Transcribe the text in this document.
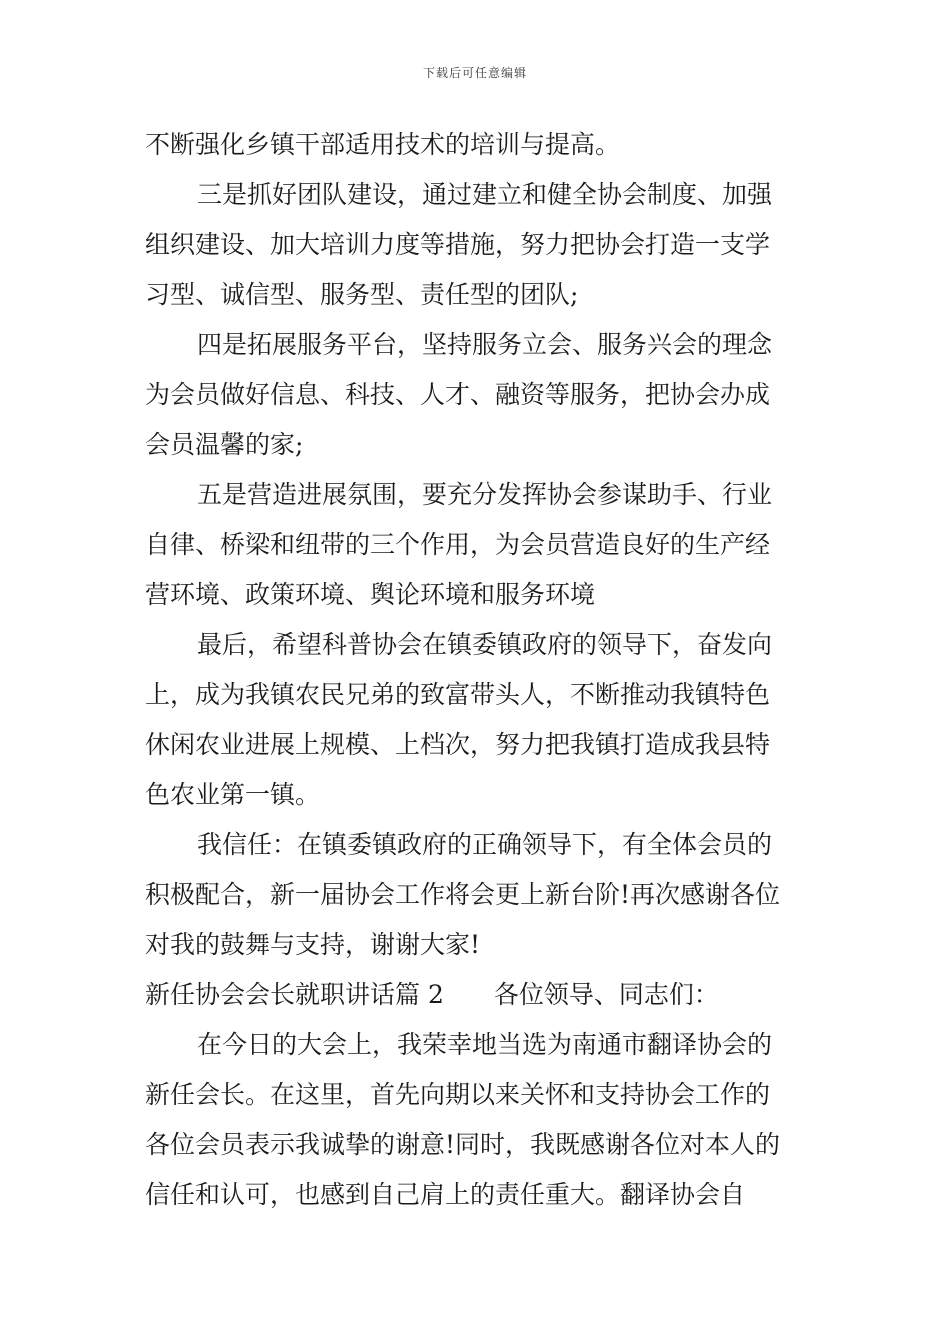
下载后可任意编辑
不断强化乡镇干部适用技术的培训与提高。
三是抓好团队建设，通过建立和健全协会制度、加强
组织建设、加大培训力度等措施，努力把协会打造一支学
习型、诚信型、服务型、责任型的团队;
四是拓展服务平台，坚持服务立会、服务兴会的理念
为会员做好信息、科技、人才、融资等服务，把协会办成
会员温馨的家;
五是营造进展氛围，要充分发挥协会参谋助手、行业
自律、桥梁和纽带的三个作用，为会员营造良好的生产经
营环境、政策环境、舆论环境和服务环境
最后，希望科普协会在镇委镇政府的领导下，奋发向
上，成为我镇农民兄弟的致富带头人，不断推动我镇特色
休闲农业进展上规模、上档次，努力把我镇打造成我县特
色农业第一镇。
我信任：在镇委镇政府的正确领导下，有全体会员的
积极配合，新一届协会工作将会更上新台阶!再次感谢各位
对我的鼓舞与支持，谢谢大家!
新任协会会长就职讲话篇 2 各位领导、同志们：
在今日的大会上，我荣幸地当选为南通市翻译协会的
新任会长。在这里，首先向期以来关怀和支持协会工作的
各位会员表示我诚挚的谢意!同时，我既感谢各位对本人的
信任和认可，也感到自己肩上的责任重大。翻译协会自
